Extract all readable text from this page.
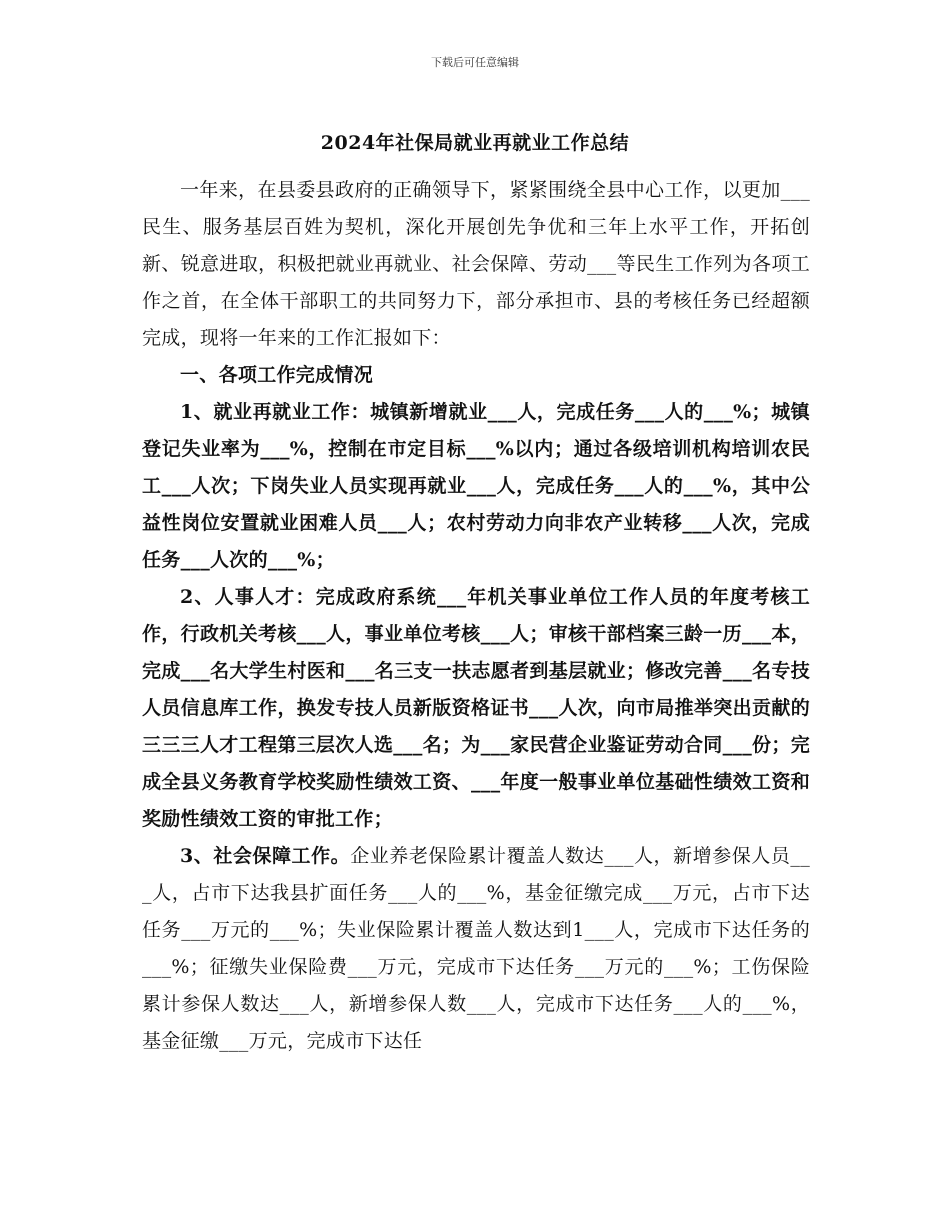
下载后可任意编辑
2024年社保局就业再就业工作总结

一年来，在县委县政府的正确领导下，紧紧围绕全县中心工作，以更加___民生、服务基层百姓为契机，深化开展创先争优和三年上水平工作，开拓创新、锐意进取，积极把就业再就业、社会保障、劳动___等民生工作列为各项工作之首，在全体干部职工的共同努力下，部分承担市、县的考核任务已经超额完成，现将一年来的工作汇报如下：

一、各项工作完成情况

1、就业再就业工作：城镇新增就业___人，完成任务___人的___%；城镇登记失业率为___%，控制在市定目标___%以内；通过各级培训机构培训农民工___人次；下岗失业人员实现再就业___人，完成任务___人的___%，其中公益性岗位安置就业困难人员___人；农村劳动力向非农产业转移___人次，完成任务___人次的___%；

2、人事人才：完成政府系统___年机关事业单位工作人员的年度考核工作，行政机关考核___人，事业单位考核___人；审核干部档案三龄一历___本，完成___名大学生村医和___名三支一扶志愿者到基层就业；修改完善___名专技人员信息库工作，换发专技人员新版资格证书___人次，向市局推举突出贡献的三三三人才工程第三层次人选___名；为___家民营企业鉴证劳动合同___份；完成全县义务教育学校奖励性绩效工资、___年度一般事业单位基础性绩效工资和奖励性绩效工资的审批工作；

3、社会保障工作。企业养老保险累计覆盖人数达___人，新增参保人员___人，占市下达我县扩面任务___人的___%，基金征缴完成___万元，占市下达任务___万元的___%；失业保险累计覆盖人数达到1___人，完成市下达任务的___%；征缴失业保险费___万元，完成市下达任务___万元的___%；工伤保险累计参保人数达___人，新增参保人数___人，完成市下达任务___人的___%，基金征缴___万元，完成市下达任
